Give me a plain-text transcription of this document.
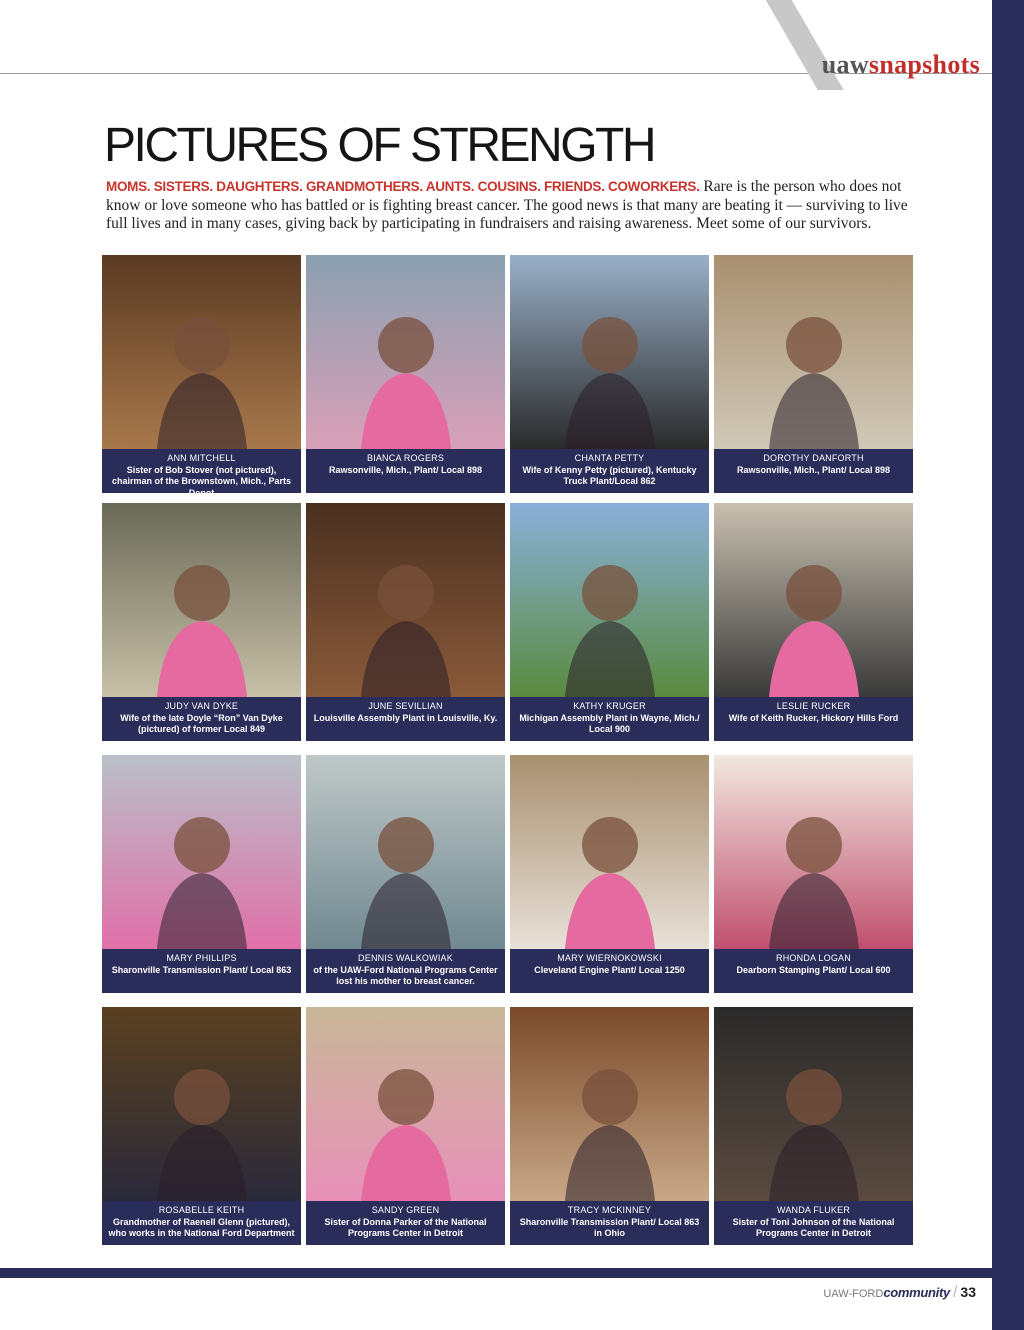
uawsnapshots
PICTURES OF STRENGTH
MOMS. SISTERS. DAUGHTERS. GRANDMOTHERS. AUNTS. COUSINS. FRIENDS. COWORKERS. Rare is the person who does not know or love someone who has battled or is fighting breast cancer. The good news is that many are beating it — surviving to live full lives and in many cases, giving back by participating in fundraisers and raising awareness. Meet some of our survivors.
ANN MITCHELL
Sister of Bob Stover (not pictured), chairman of the Brownstown, Mich., Parts Depot
BIANCA ROGERS
Rawsonville, Mich., Plant/ Local 898
CHANTA PETTY
Wife of Kenny Petty (pictured), Kentucky Truck Plant/Local 862
DOROTHY DANFORTH
Rawsonville, Mich., Plant/ Local 898
JUDY VAN DYKE
Wife of the late Doyle “Ron” Van Dyke (pictured) of former Local 849
JUNE SEVILLIAN
Louisville Assembly Plant in Louisville, Ky.
KATHY KRUGER
Michigan Assembly Plant in Wayne, Mich./ Local 900
LESLIE RUCKER
Wife of Keith Rucker, Hickory Hills Ford
MARY PHILLIPS
Sharonville Transmission Plant/ Local 863
DENNIS WALKOWIAK
of the UAW-Ford National Programs Center lost his mother to breast cancer.
MARY WIERNOKOWSKI
Cleveland Engine Plant/ Local 1250
RHONDA LOGAN
Dearborn Stamping Plant/ Local 600
ROSABELLE KEITH
Grandmother of Raenell Glenn (pictured), who works in the National Ford Department
SANDY GREEN
Sister of Donna Parker of the National Programs Center in Detroit
TRACY MCKINNEY
Sharonville Transmission Plant/ Local 863 in Ohio
WANDA FLUKER
Sister of Toni Johnson of the National Programs Center in Detroit
UAW-FORDcommunity / 33
